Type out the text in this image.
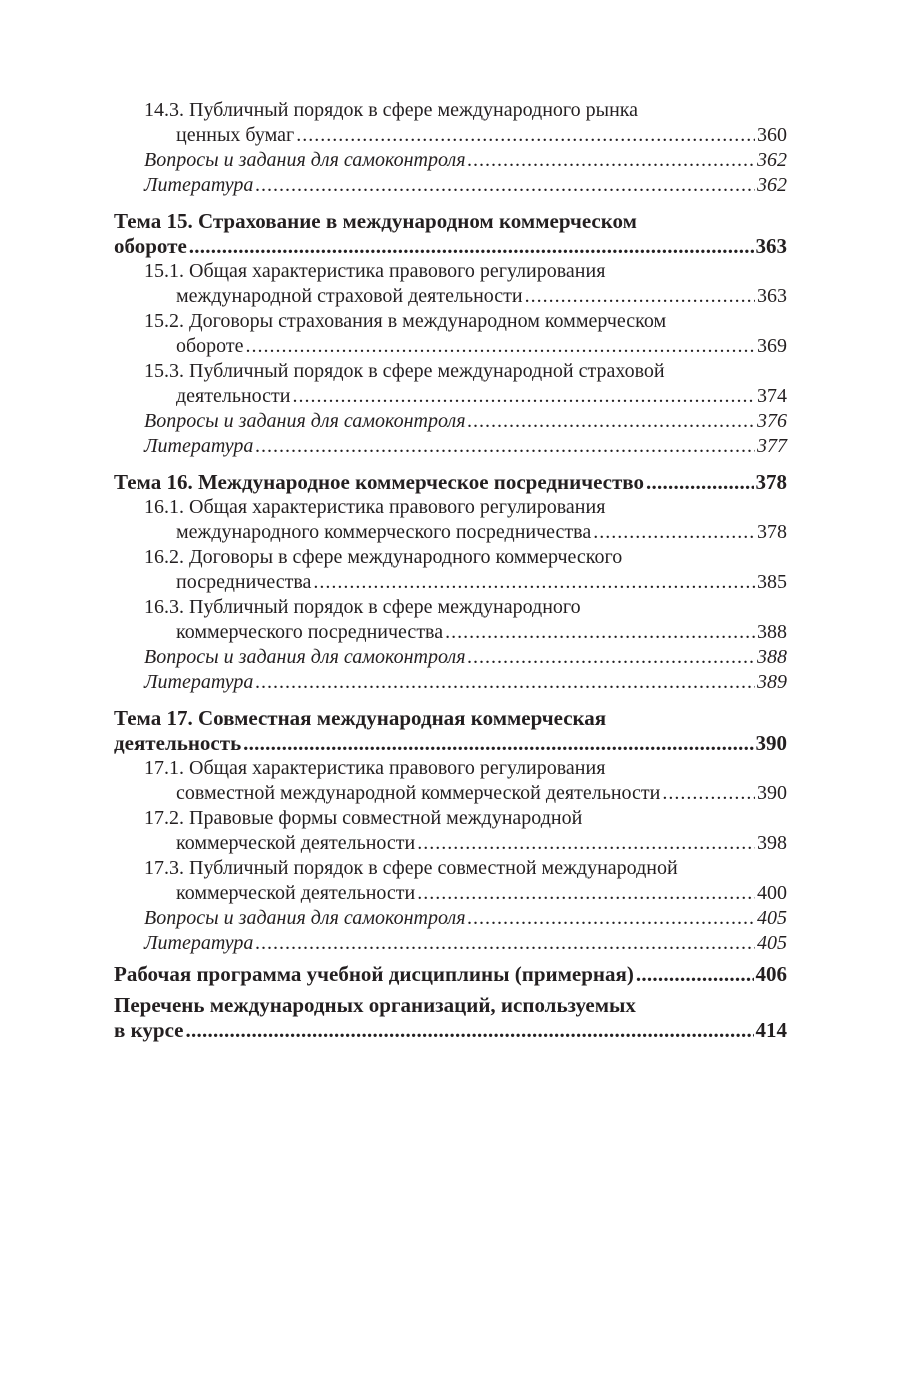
14.3. Публичный порядок в сфере международного рынка
ценных бумаг . . .	360
Вопросы и задания для самоконтроля . . .	362
Литература . . .	362
Тема 15. Страхование в международном коммерческом
обороте . . .	363
15.1. Общая характеристика правового регулирования
международной страховой деятельности . . .	363
15.2. Договоры страхования в международном коммерческом
обороте . . .	369
15.3. Публичный порядок в сфере международной страховой
деятельности . . .	374
Вопросы и задания для самоконтроля . . .	376
Литература . . .	377
Тема 16. Международное коммерческое посредничество . . .	378
16.1. Общая характеристика правового регулирования
международного коммерческого посредничества . . .	378
16.2. Договоры в сфере международного коммерческого
посредничества . . .	385
16.3. Публичный порядок в сфере международного
коммерческого посредничества . . .	388
Вопросы и задания для самоконтроля . . .	388
Литература . . .	389
Тема 17. Совместная международная коммерческая
деятельность . . .	390
17.1. Общая характеристика правового регулирования
совместной международной коммерческой деятельности . . .	390
17.2. Правовые формы совместной международной
коммерческой деятельности . . .	398
17.3. Публичный порядок в сфере совместной международной
коммерческой деятельности . . .	400
Вопросы и задания для самоконтроля . . .	405
Литература . . .	405
Рабочая программа учебной дисциплины (примерная) . . .	406
Перечень международных организаций, используемых
в курсе . . .	414
